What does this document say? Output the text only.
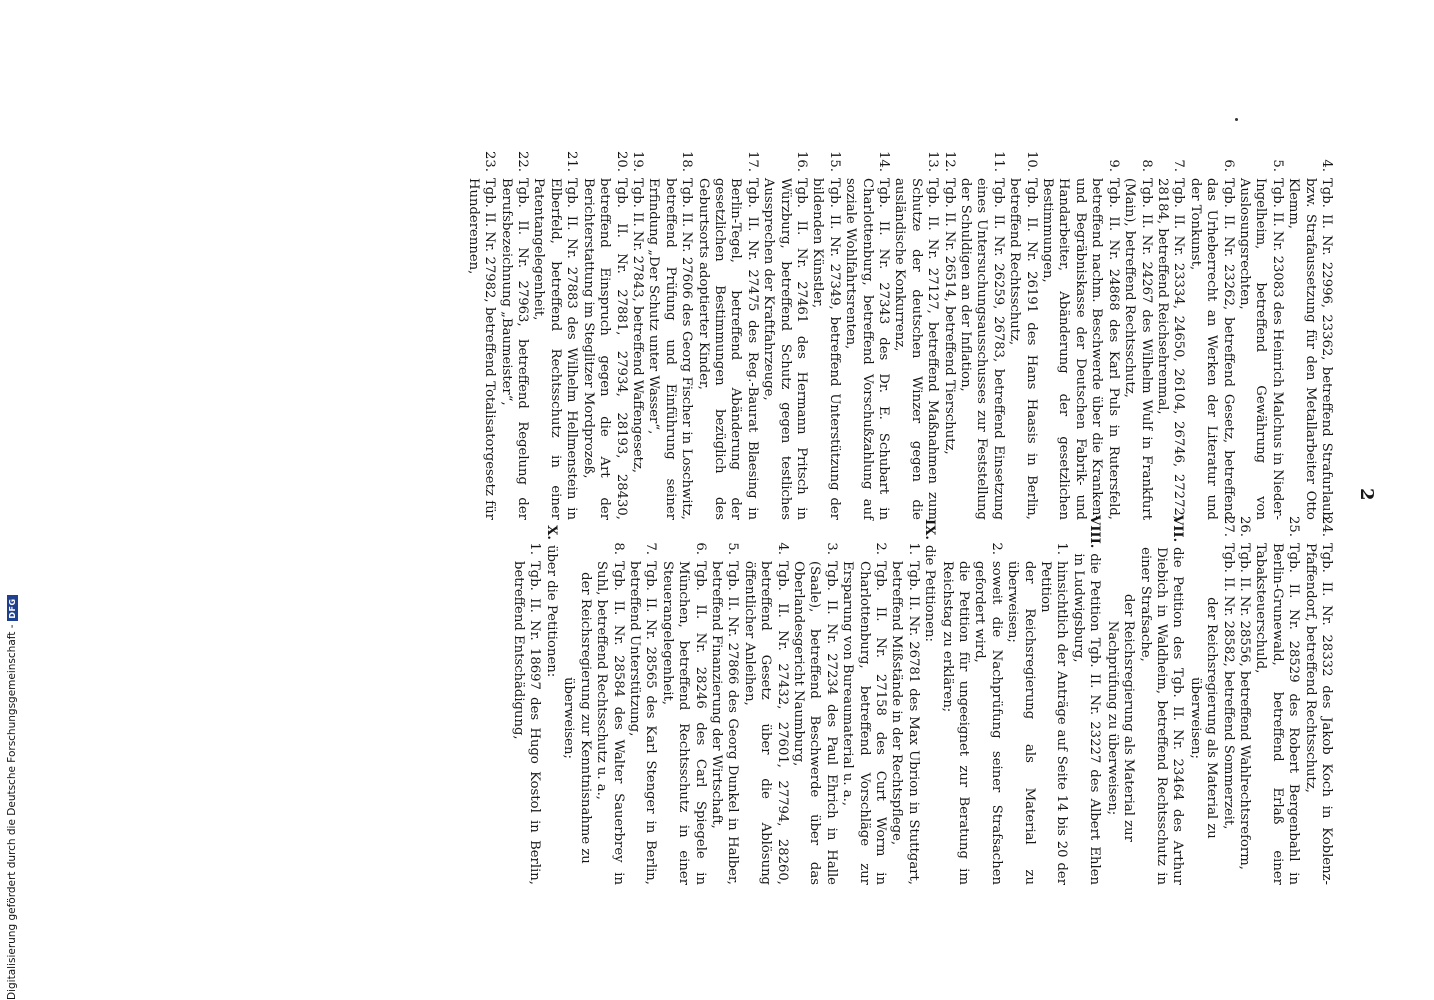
2
4.
Tgb. II. Nr. 22996, 23362, betreffend Strafurlaub bzw. Strafaussetzung für den Metallarbeiter Otto Klemm,
5.
Tgb. II. Nr. 23083 des Heinrich Malchus in Nieder-Ingelheim, betreffend Gewährung von Auslosungsrechten,
6.
Tgb. II. Nr. 23262, betreffend Gesetz, betreffend das Urheberrecht an Werken der Literatur und der Tonkunst,
7.
Tgb. II. Nr. 23334, 24650, 26104, 26746, 27272, 28184, betreffend Reichsehrenmal,
8.
Tgb. II. Nr. 24267 des Wilhelm Wulf in Frankfurt (Main), betreffend Rechtsschutz,
9.
Tgb. II. Nr. 24868 des Karl Puls in Rutersfeld, betreffend nachm. Beschwerde über die Kranken- und Begräbniskasse der Deutschen Fabrik- und Handarbeiter, Abänderung der gesetzlichen Bestimmungen,
10.
Tgb. II. Nr. 26191 des Hans Haasis in Berlin, betreffend Rechtsschutz,
11.
Tgb. II. Nr. 26259, 26783, betreffend Einsetzung eines Untersuchungsausschusses zur Feststellung der Schuldigen an der Inflation,
12.
Tgb. II. Nr. 26514, betreffend Tierschutz,
13.
Tgb. II. Nr. 27127, betreffend Maßnahmen zum Schutze der deutschen Winzer gegen die ausländische Konkurrenz,
14.
Tgb. II. Nr. 27343 des Dr. E. Schubart in Charlottenburg, betreffend Vorschußzahlung auf soziale Wohlfahrtsrenten,
15.
Tgb. II. Nr. 27349, betreffend Unterstützung der bildenden Künstler,
16.
Tgb. II. Nr. 27461 des Hermann Pritsch in Würzburg, betreffend Schutz gegen testliches Aussprechen der Kraftfahrzeuge,
17.
Tgb. II. Nr. 27475 des Reg.-Baurat Blaesing in Berlin-Tegel, betreffend Abänderung der gesetzlichen Bestimmungen bezüglich des Geburtsorts adoptierter Kinder,
18.
Tgb. II. Nr. 27606 des Georg Fischer in Loschwitz, betreffend Prüfung und Einführung seiner Erfindung „Der Schutz unter Wasser“,
19.
Tgb. II. Nr. 27843, betreffend Waffengesetz,
20.
Tgb. II. Nr. 27881, 27934, 28193, 28430, betreffend Einspruch gegen die Art der Berichterstattung im Steglitzer Mordprozeß,
21.
Tgb. II. Nr. 27883 des Wilhelm Hellmenstein in Elberfeld, betreffend Rechtsschutz in einer Patentangelegenheit,
22.
Tgb. II. Nr. 27963, betreffend Regelung der Berufsbezeichnung „Baumeister“,
23.
Tgb. II. Nr. 27982, betreffend Totalisatorgesetz für Hunderennen,
24.
Tgb. II. Nr. 28332 des Jakob Koch in Koblenz-Pfaffendorf, betreffend Rechtsschutz,
25.
Tgb. II. Nr. 28529 des Robert Bergenbahl in Berlin-Grunewald, betreffend Erlaß einer Tabaksteuerschuld,
26.
Tgb. II. Nr. 28556, betreffend Wahlrechtsreform,
27.
Tgb. II. Nr. 28582, betreffend Sommerzeit,
der Reichsregierung als Material zu überweisen;
VII.
die Petition des Tgb. II. Nr. 23464 des Arthur Diebich in Waldheim, betreffend Rechtsschutz in einer Strafsache,
der Reichsregierung als Material zur Nachprüfung zu überweisen;
VIII.
die Petition Tgb. II. Nr. 23227 des Albert Ehlen in Ludwigsburg,
1.
hinsichtlich der Anträge auf Seite 14 bis 20 der Petition
der Reichsregierung als Material zu überweisen;
2.
soweit die Nachprüfung seiner Strafsachen gefordert wird,
die Petition für ungeeignet zur Beratung im Reichstag zu erklären;
IX.
die Petitionen:
1.
Tgb. II. Nr. 26781 des Max Ubrion in Stuttgart, betreffend Mißstände in der Rechtspflege,
2.
Tgb. II. Nr. 27158 des Curt Worm in Charlottenburg, betreffend Vorschläge zur Ersparung von Bureaumaterial u. a.,
3.
Tgb. II. Nr. 27234 des Paul Ehrich in Halle (Saale), betreffend Beschwerde über das Oberlandesgericht Naumburg,
4.
Tgb. II. Nr. 27432, 27601, 27794, 28260, betreffend Gesetz über die Ablösung öffentlicher Anleihen,
5.
Tgb. II. Nr. 27866 des Georg Dunkel in Halber, betreffend Finanzierung der Wirtschaft,
6.
Tgb. II. Nr. 28246 des Carl Spiegele in München, betreffend Rechtsschutz in einer Steuerangelegenheit,
7.
Tgb. II. Nr. 28565 des Karl Stenger in Berlin, betreffend Unterstützung,
8.
Tgb. II. Nr. 28584 des Walter Sauerbrey in Suhl, betreffend Rechtsschutz u. a.,
der Reichsregierung zur Kenntnisnahme zu überweisen;
X.
über die Petitionen:
1.
Tgb. II. Nr. 18697 des Hugo Kostol in Berlin, betreffend Entschädigung,
Digitalisierung gefördert durch die Deutsche Forschungsgemeinschaft -
DFG
